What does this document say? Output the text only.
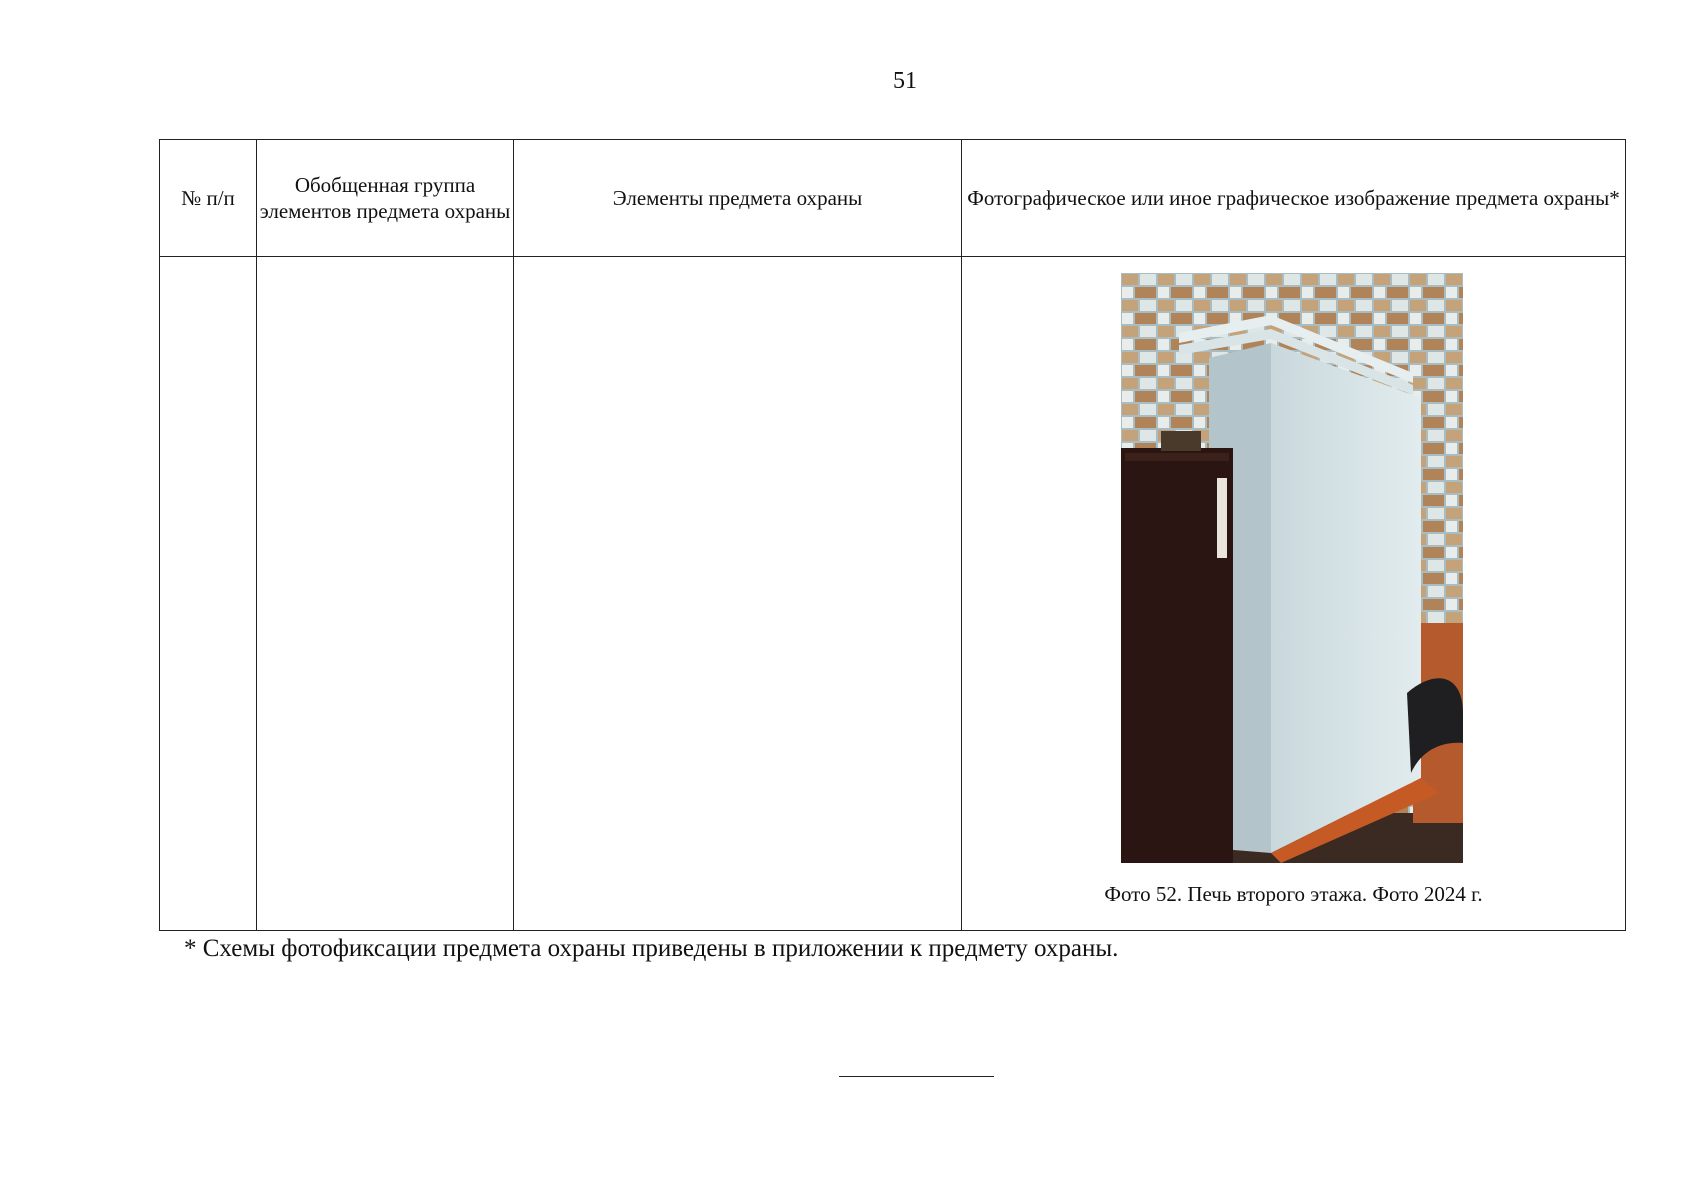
51
№ п/п	Обобщенная группа элементов предмета охраны	Элементы предмета охраны	Фотографическое или иное графическое изображение предмета охраны*

			Фото 52. Печь второго этажа. Фото 2024 г.
* Схемы фотофиксации предмета охраны приведены в приложении к предмету охраны.
